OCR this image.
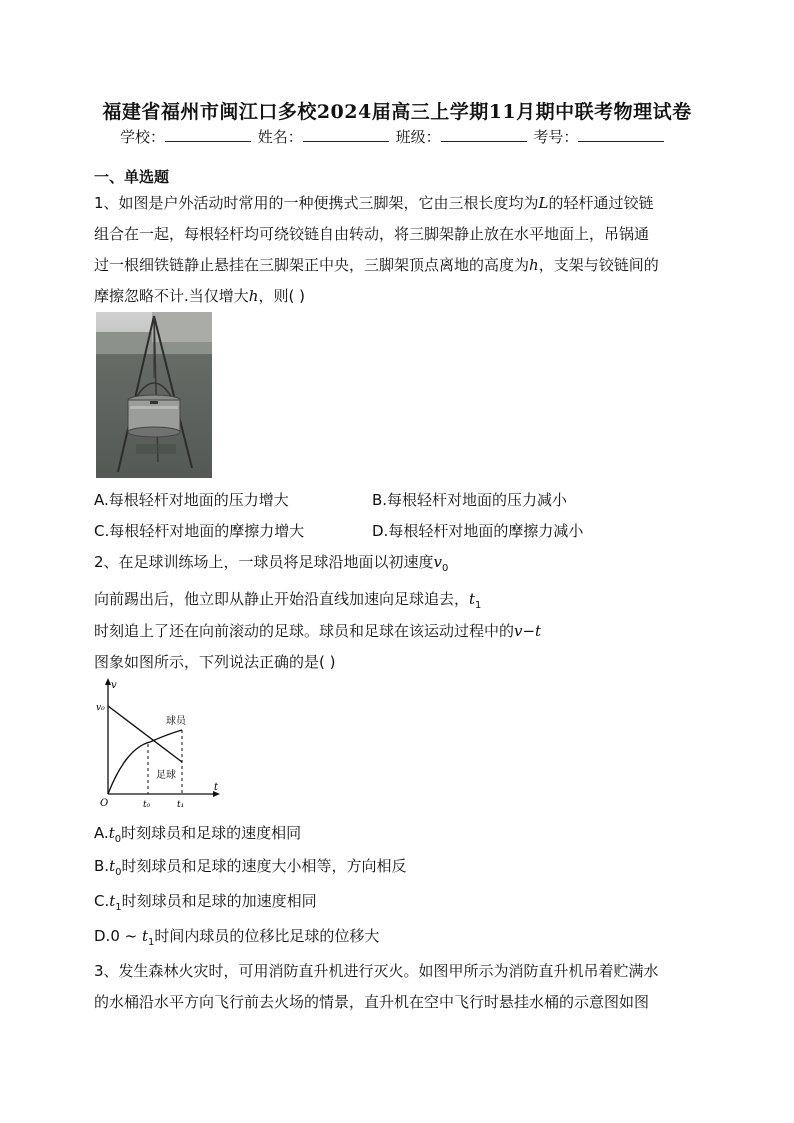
福建省福州市闽江口多校2024届高三上学期11月期中联考物理试卷
学校：	姓名：	班级：	考号：
一、单选题
1、如图是户外活动时常用的一种便携式三脚架，它由三根长度均为L的轻杆通过铰链
组合在一起，每根轻杆均可绕铰链自由转动，将三脚架静止放在水平地面上，吊锅通
过一根细铁链静止悬挂在三脚架正中央，三脚架顶点离地的高度为h，支架与铰链间的
摩擦忽略不计.当仅增大h，则( )
A.每根轻杆对地面的压力增大	B.每根轻杆对地面的压力减小
C.每根轻杆对地面的摩擦力增大	D.每根轻杆对地面的摩擦力减小
2、在足球训练场上，一球员将足球沿地面以初速度$v_0$
向前踢出后，他立即从静止开始沿直线加速向足球追去，$t_1$
时刻追上了还在向前滚动的足球。球员和足球在该运动过程中的v−t
图象如图所示，下列说法正确的是( )
v
t
v₀
O	t₀	t₁
球员
足球
$A.t_0$时刻球员和足球的速度相同
$B.t_0$时刻球员和足球的速度大小相等，方向相反
$C.t_1$时刻球员和足球的加速度相同
D.0 ~ $t_1$时间内球员的位移比足球的位移大
3、发生森林火灾时，可用消防直升机进行灭火。如图甲所示为消防直升机吊着贮满水
的水桶沿水平方向飞行前去火场的情景，直升机在空中飞行时悬挂水桶的示意图如图
